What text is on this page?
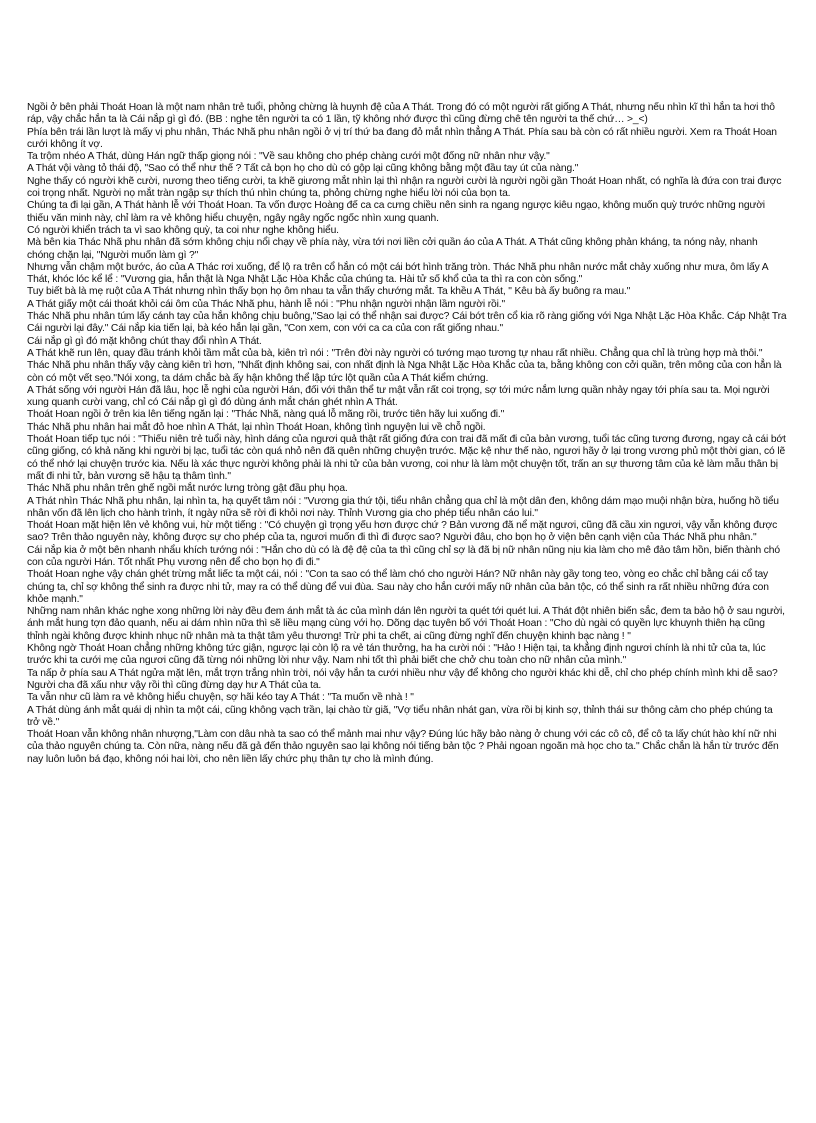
Ngồi ở bên phải Thoát Hoan là một nam nhân trẻ tuổi, phỏng chừng là huynh đệ của A Thát. Trong đó có một người rất giống A Thát, nhưng nếu nhìn kĩ thì hắn ta hơi thô ráp, vậy chắc hắn ta là Cái nắp gì gì đó. (BB : nghe tên người ta có 1 lần, tỹ không nhớ được thì cũng đừng chê tên người ta thế chứ… >_<)

Phía bên trái lần lượt là mấy vị phu nhân, Thác Nhã phu nhân ngồi ở vị trí thứ ba đang đỏ mắt nhìn thẳng A Thát. Phía sau bà còn có rất nhiều người. Xem ra Thoát Hoan cưới không ít vợ.

Ta trộm nhéo A Thát, dùng Hán ngữ thấp giọng nói : "Về sau không cho phép chàng cưới một đống nữ nhân như vậy."

A Thát vội vàng tỏ thái độ, "Sao có thể như thế ? Tất cả bọn họ cho dù có gộp lại cũng không bằng một đầu tay út của nàng."

Nghe thấy có người khẽ cười, nương theo tiếng cười, ta khẽ giương mắt nhìn lại thì nhận ra người cười là người ngồi gần Thoát Hoan nhất, có nghĩa là đứa con trai được coi trọng nhất. Người nọ mắt tràn ngập sự thích thú nhìn chúng ta, phỏng chừng nghe hiểu lời nói của bọn ta.

Chúng ta đi lại gần, A Thát hành lễ với Thoát Hoan. Ta vốn được Hoàng đế ca ca cưng chiều nên sinh ra ngang ngược kiêu ngạo, không muốn quỳ trước những người thiếu văn minh này, chỉ làm ra vẻ không hiểu chuyện, ngây ngây ngốc ngốc nhìn xung quanh.

Có người khiển trách ta vì sao không quỳ, ta coi như nghe không hiểu.

Mà bên kia Thác Nhã phu nhân đã sớm không chịu nổi chạy về phía này, vừa tới nơi liền cởi quần áo của A Thát. A Thát cũng không phản kháng, ta nóng nảy, nhanh chóng chặn lại, "Người muốn làm gì ?"

Nhưng vẫn chậm một bước, áo của A Thác rơi xuống, để lộ ra trên cổ hắn có một cái bớt hình trăng tròn. Thác Nhã phu nhân nước mắt chảy xuống như mưa, ôm lấy A Thát, khóc lóc kể lể : "Vương gia, hắn thật là Nga Nhật Lặc Hòa Khắc của chúng ta. Hài tử số khổ của ta thì ra con còn sống."

Tuy biết bà là mẹ ruột của A Thát nhưng nhìn thấy bọn họ ôm nhau ta vẫn thấy chướng mắt. Ta khều A Thát, " Kêu bà ấy buông ra mau."

A Thát giấy một cái thoát khỏi cái ôm của Thác Nhã phu, hành lễ nói : "Phu nhận người nhận lầm người rồi."

Thác Nhã phu nhân túm lấy cánh tay của hắn không chịu buông,"Sao lại có thể nhận sai được? Cái bớt trên cổ kia rõ ràng giống với Nga Nhật Lặc Hòa Khắc. Cáp Nhật Tra Cái người lại đây." Cái nắp kia tiến lại, bà kéo hắn lại gần, "Con xem, con với ca ca của con rất giống nhau."

Cái nắp gì gì đó mặt không chút thay đổi nhìn A Thát.

A Thát khẽ run lên, quay đầu tránh khỏi tầm mắt của bà, kiên trì nói : "Trên đời này người có tướng mạo tương tự nhau rất nhiều. Chẳng qua chỉ là trùng hợp mà thôi."

Thác Nhã phu nhân thấy vậy càng kiên trì hơn, "Nhất định không sai, con nhất định là Nga Nhật Lặc Hòa Khắc của ta, bằng không con cởi quần, trên mông của con hẳn là còn có một vết sẹo."Nói xong, ta dám chắc bà ấy hận không thể lập tức lột quần của A Thát kiểm chứng.

A Thát sống với người Hán đã lâu, học lễ nghi của người Hán, đối với thân thể tư mật vẫn rất coi trọng, sợ tới mức nắm lưng quần nhảy ngay tới phía sau ta. Mọi người xung quanh cười vang, chỉ có Cái nắp gì gì đó dùng ánh mắt chán ghét nhìn A Thát.

Thoát Hoan ngồi ở trên kia lên tiếng ngăn lại : "Thác Nhã, nàng quá lỗ mãng rồi, trước tiên hãy lui xuống đi."

Thác Nhã phu nhân hai mắt đỏ hoe nhìn A Thát, lại nhìn Thoát Hoan, không tình nguyện lui về chỗ ngồi.

Thoát Hoan tiếp tục nói : "Thiếu niên trẻ tuổi này, hình dáng của ngươi quả thật rất giống đứa con trai đã mất đi của bản vương, tuổi tác cũng tương đương, ngay cả cái bớt cũng giống, có khả năng khi người bị lạc, tuổi tác còn quá nhỏ nên đã quên những chuyện trước. Mặc kệ như thế nào, ngươi hãy ở lại trong vương phủ một thời gian, có lẽ có thể nhớ lại chuyện trước kia. Nếu là xác thực người không phải là nhi tử của bản vương, coi như là làm một chuyện tốt, trấn an sự thương tâm của kẻ làm mẫu thân bị mất đi nhi tử, bản vương sẽ hậu tạ thâm tình."

Thác Nhã phu nhân trên ghế ngồi mắt nước lưng tròng gật đầu phụ họa.

A Thát nhìn Thác Nhã phu nhân, lại nhìn ta, hạ quyết tâm nói : "Vương gia thứ tội, tiểu nhân chẳng qua chỉ là một dân đen, không dám mạo muội nhận bừa, huống hồ tiểu nhân vốn đã lên lịch cho hành trình, ít ngày nữa sẽ rời đi khỏi nơi này. Thỉnh Vương gia cho phép tiểu nhân cáo lui."

Thoát Hoan mặt hiện lên vẻ không vui, hừ một tiếng : "Có chuyện gì trọng yếu hơn được chứ ? Bản vương đã nể mặt ngươi, cũng đã cầu xin ngươi, vậy vẫn không được sao? Trên thảo nguyên này, không được sự cho phép của ta, ngươi muốn đi thì đi được sao? Người đâu, cho bọn họ ở viện bên cạnh viện của Thác Nhã phu nhân."

Cái nắp kia ở một bên nhanh nhẩu khích tướng nói : "Hắn cho dù có là đệ đệ của ta thì cũng chỉ sợ là đã bị nữ nhân nũng nịu kia làm cho mê đảo tâm hồn, biến thành chó con của người Hán. Tốt nhất Phụ vương nên để cho bọn họ đi đi."

Thoát Hoan nghe vậy chán ghét trừng mắt liếc ta một cái, nói : "Con ta sao có thể làm chó cho người Hán? Nữ nhân này gầy tong teo, vòng eo chắc chỉ bằng cái cổ tay chúng ta, chỉ sợ không thể sinh ra được nhi tử, may ra có thể dùng để vui đùa. Sau này cho hắn cưới mấy nữ nhân của bản tộc, có thể sinh ra rất nhiều những đứa con khỏe mạnh."

Những nam nhân khác nghe xong những lời này đều đem ánh mắt tà ác của mình dán lên người ta quét tới quét lui. A Thát đột nhiên biến sắc, đem ta bảo hộ ở sau người, ánh mắt hung tợn đảo quanh, nếu ai dám nhìn nữa thì sẽ liều mạng cùng với họ. Dõng dạc tuyên bố với Thoát Hoan : "Cho dù ngài có quyền lực khuynh thiên hạ cũng thỉnh ngài không được khinh nhục nữ nhân mà ta thật tâm yêu thương! Trừ phi ta chết, ai cũng đừng nghĩ đến chuyện khinh bạc nàng ! "

Không ngờ Thoát Hoan chẳng những không tức giận, ngược lại còn lộ ra vẻ tán thưởng, ha ha cười nói : "Hảo ! Hiện tại, ta khẳng định ngươi chính là nhi tử của ta, lúc trước khi ta cưới mẹ của ngươi cũng đã từng nói những lời như vậy. Nam nhi tốt thì phải biết che chở chu toàn cho nữ nhân của mình."

Ta nấp ở phía sau A Thát ngửa mặt lên, mắt trợn trắng nhìn trời, nói vậy hắn ta cưới nhiều như vậy để không cho người khác khi dễ, chỉ cho phép chính mình khi dễ sao? Người cha đã xấu như vậy rồi thì cũng đừng dạy hư A Thát của ta.

Ta vẫn như cũ làm ra vẻ không hiểu chuyện, sợ hãi kéo tay A Thát : "Ta muốn về nhà ! "

A Thát dùng ánh mắt quái dị nhìn ta một cái, cũng không vạch trần, lại chào từ giã, "Vợ tiểu nhân nhát gan, vừa rồi bị kinh sợ, thỉnh thái sư thông cảm cho phép chúng ta trở về."

Thoát Hoan vẫn không nhân nhượng,"Làm con dâu nhà ta sao có thể mảnh mai như vậy? Đúng lúc hãy bảo nàng ở chung với các cô cô, để cô ta lấy chút hào khí nữ nhi của thảo nguyên chúng ta. Còn nữa, nàng nếu đã gả đến thảo nguyên sao lại không nói tiếng bản tộc ? Phải ngoan ngoãn mà học cho ta." Chắc chắn là hắn từ trước đến nay luôn luôn bá đạo, không nói hai lời, cho nên liền lấy chức phụ thân tự cho là mình đúng.
